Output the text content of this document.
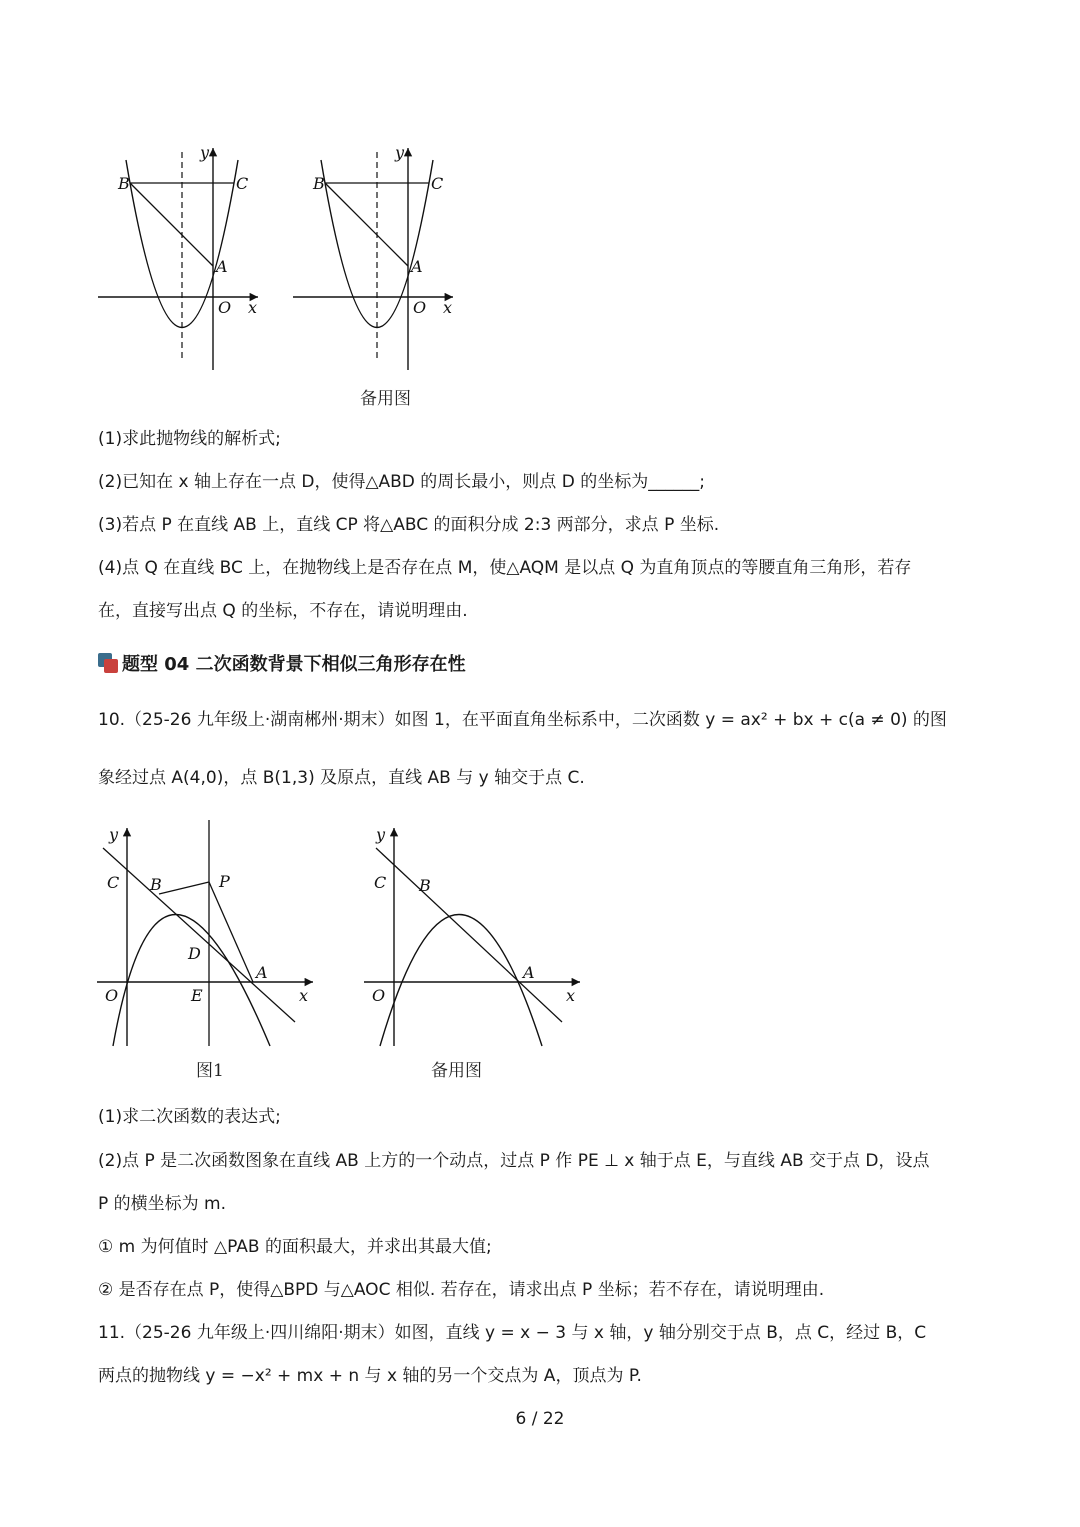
y
B	C
A
O x
y
B	C
A
O x
备用图
(1)求此抛物线的解析式;
(2)已知在 x 轴上存在一点 D，使得△ABD 的周长最小，则点 D 的坐标为______;
(3)若点 P 在直线 AB 上，直线 CP 将△ABC 的面积分成 2:3 两部分，求点 P 坐标.
(4)点 Q 在直线 BC 上，在抛物线上是否存在点 M，使△AQM 是以点 Q 为直角顶点的等腰直角三角形，若存
在，直接写出点 Q 的坐标，不存在，请说明理由.
题型 04 二次函数背景下相似三角形存在性
10.（25-26 九年级上·湖南郴州·期末）如图 1，在平面直角坐标系中，二次函数 y = ax² + bx + c(a ≠ 0) 的图
象经过点 A(4,0)，点 B(1,3) 及原点，直线 AB 与 y 轴交于点 C.
y
C B	P
D
A
O	E	x
图1
y
C B
A
O	x
备用图
(1)求二次函数的表达式;
(2)点 P 是二次函数图象在直线 AB 上方的一个动点，过点 P 作 PE ⊥ x 轴于点 E，与直线 AB 交于点 D，设点
P 的横坐标为 m.
① m 为何值时 △PAB 的面积最大，并求出其最大值;
② 是否存在点 P，使得△BPD 与△AOC 相似. 若存在，请求出点 P 坐标；若不存在，请说明理由.
11.（25-26 九年级上·四川绵阳·期末）如图，直线 y = x − 3 与 x 轴，y 轴分别交于点 B，点 C，经过 B，C
两点的抛物线 y = −x² + mx + n 与 x 轴的另一个交点为 A，顶点为 P.
6 / 22
